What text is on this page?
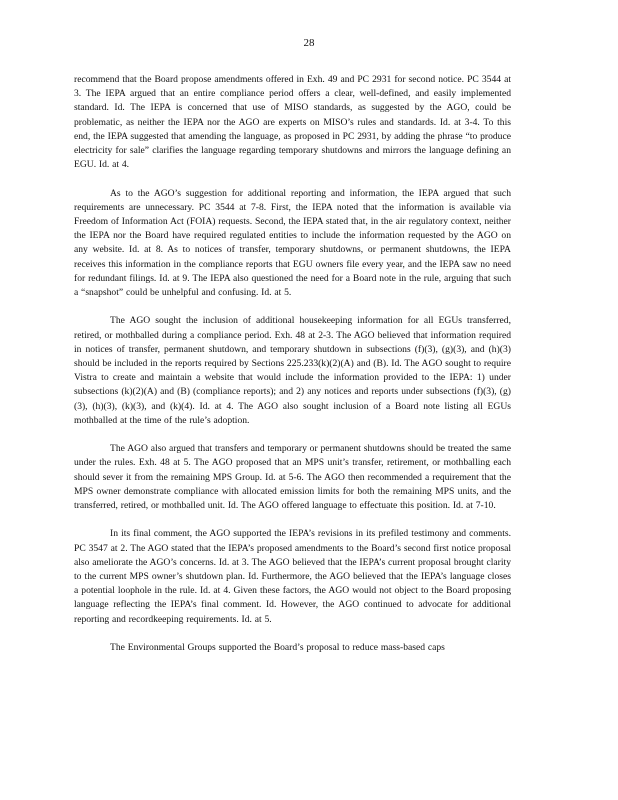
28

recommend that the Board propose amendments offered in Exh. 49 and PC 2931 for second notice. PC 3544 at 3. The IEPA argued that an entire compliance period offers a clear, well-defined, and easily implemented standard. Id. The IEPA is concerned that use of MISO standards, as suggested by the AGO, could be problematic, as neither the IEPA nor the AGO are experts on MISO’s rules and standards. Id. at 3-4. To this end, the IEPA suggested that amending the language, as proposed in PC 2931, by adding the phrase “to produce electricity for sale” clarifies the language regarding temporary shutdowns and mirrors the language defining an EGU. Id. at 4.

As to the AGO’s suggestion for additional reporting and information, the IEPA argued that such requirements are unnecessary. PC 3544 at 7-8. First, the IEPA noted that the information is available via Freedom of Information Act (FOIA) requests. Second, the IEPA stated that, in the air regulatory context, neither the IEPA nor the Board have required regulated entities to include the information requested by the AGO on any website. Id. at 8. As to notices of transfer, temporary shutdowns, or permanent shutdowns, the IEPA receives this information in the compliance reports that EGU owners file every year, and the IEPA saw no need for redundant filings. Id. at 9. The IEPA also questioned the need for a Board note in the rule, arguing that such a “snapshot” could be unhelpful and confusing. Id. at 5.

The AGO sought the inclusion of additional housekeeping information for all EGUs transferred, retired, or mothballed during a compliance period. Exh. 48 at 2-3. The AGO believed that information required in notices of transfer, permanent shutdown, and temporary shutdown in subsections (f)(3), (g)(3), and (h)(3) should be included in the reports required by Sections 225.233(k)(2)(A) and (B). Id. The AGO sought to require Vistra to create and maintain a website that would include the information provided to the IEPA: 1) under subsections (k)(2)(A) and (B) (compliance reports); and 2) any notices and reports under subsections (f)(3), (g)(3), (h)(3), (k)(3), and (k)(4). Id. at 4. The AGO also sought inclusion of a Board note listing all EGUs mothballed at the time of the rule’s adoption.

The AGO also argued that transfers and temporary or permanent shutdowns should be treated the same under the rules. Exh. 48 at 5. The AGO proposed that an MPS unit’s transfer, retirement, or mothballing each should sever it from the remaining MPS Group. Id. at 5-6. The AGO then recommended a requirement that the MPS owner demonstrate compliance with allocated emission limits for both the remaining MPS units, and the transferred, retired, or mothballed unit. Id. The AGO offered language to effectuate this position. Id. at 7-10.

In its final comment, the AGO supported the IEPA’s revisions in its prefiled testimony and comments. PC 3547 at 2. The AGO stated that the IEPA’s proposed amendments to the Board’s second first notice proposal also ameliorate the AGO’s concerns. Id. at 3. The AGO believed that the IEPA’s current proposal brought clarity to the current MPS owner’s shutdown plan. Id. Furthermore, the AGO believed that the IEPA’s language closes a potential loophole in the rule. Id. at 4. Given these factors, the AGO would not object to the Board proposing language reflecting the IEPA’s final comment. Id. However, the AGO continued to advocate for additional reporting and recordkeeping requirements. Id. at 5.

The Environmental Groups supported the Board’s proposal to reduce mass-based caps
